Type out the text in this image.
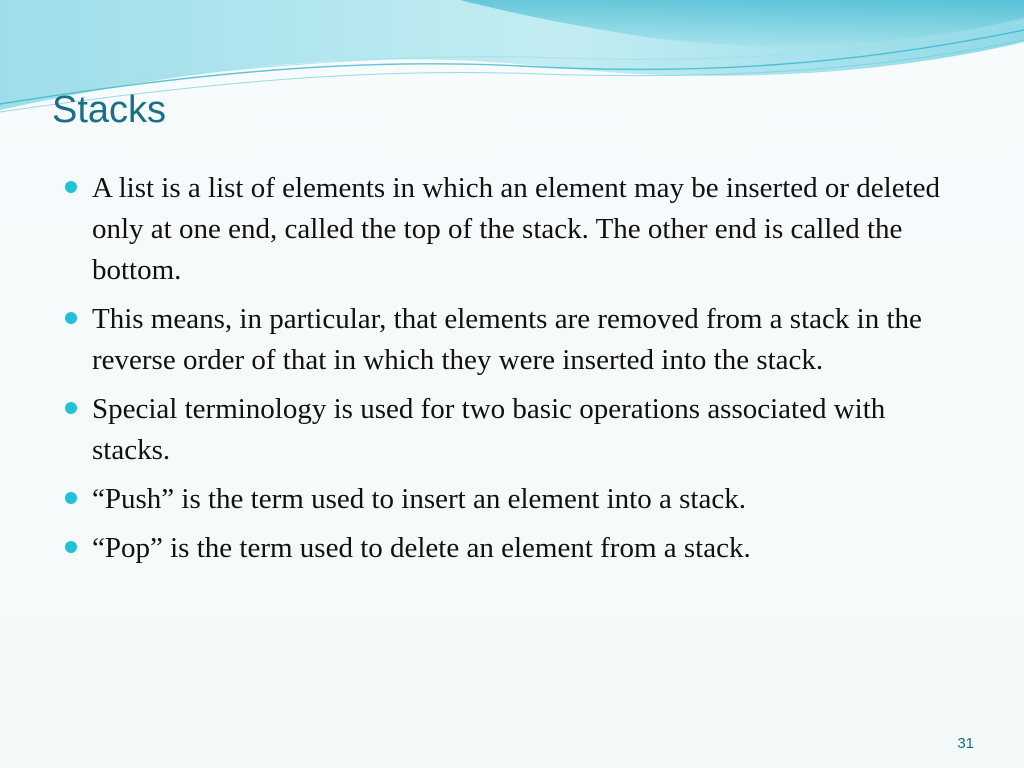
Stacks
A list is a list of elements in which an element may be inserted or deleted only at one end, called the top of the stack. The other end is called the bottom.
This means, in particular, that elements are removed from a stack in the reverse order of that in which they were inserted into the stack.
Special terminology is used for two basic operations associated with stacks.
“Push” is the term used to insert an element into a stack.
“Pop” is the term used to delete an element from a stack.
31
